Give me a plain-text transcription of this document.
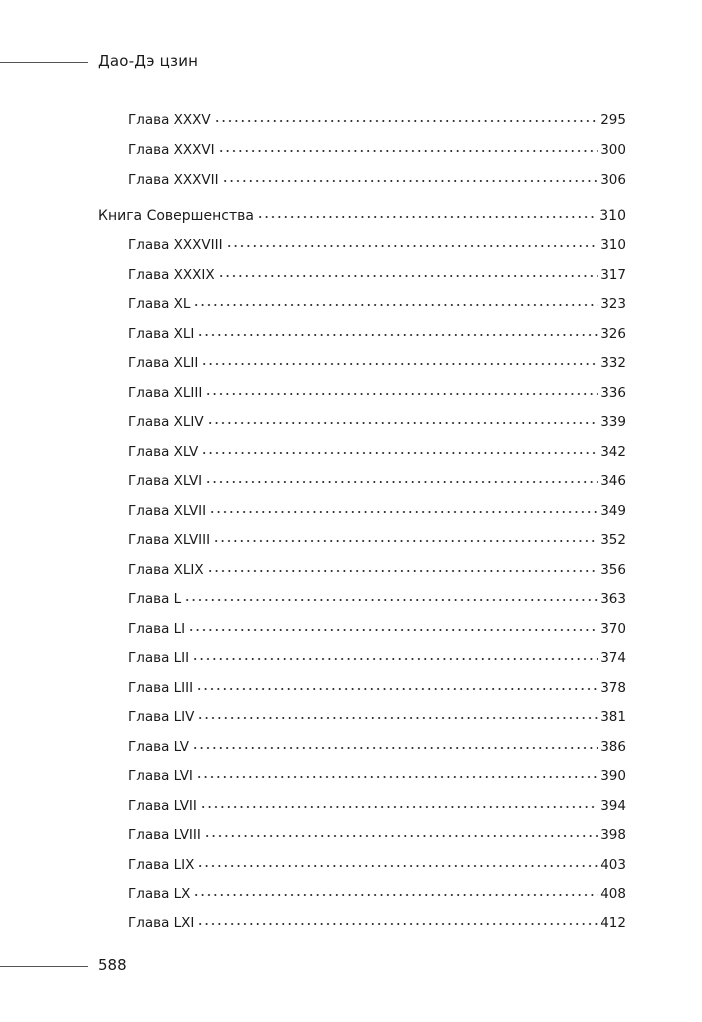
Дао-Дэ цзин
Глава XXXV	295
Глава XXXVI	300
Глава XXXVII	306
Книга Совершенства	310
Глава XXXVIII	310
Глава XXXIX	317
Глава XL	323
Глава XLI	326
Глава XLII	332
Глава XLIII	336
Глава XLIV	339
Глава XLV	342
Глава XLVI	346
Глава XLVII	349
Глава XLVIII	352
Глава XLIX	356
Глава L	363
Глава LI	370
Глава LII	374
Глава LIII	378
Глава LIV	381
Глава LV	386
Глава LVI	390
Глава LVII	394
Глава LVIII	398
Глава LIX	403
Глава LX	408
Глава LXI	412
588
